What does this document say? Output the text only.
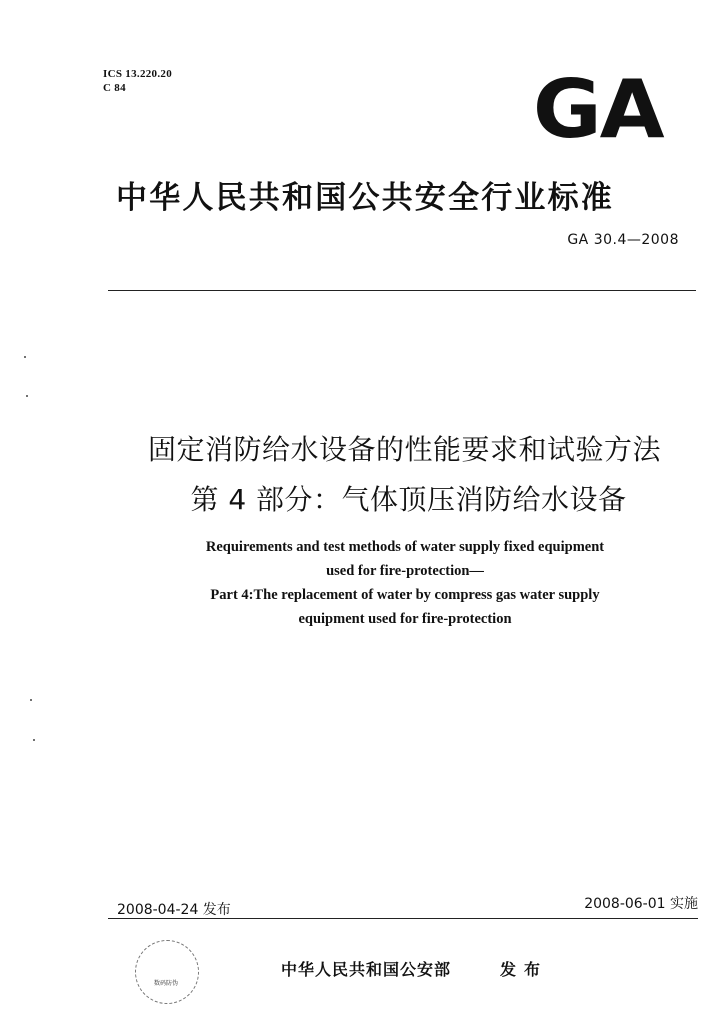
ICS 13.220.20
C 84	GA
中华人民共和国公共安全行业标准
GA 30.4—2008
固定消防给水设备的性能要求和试验方法
第 4 部分：气体顶压消防给水设备
Requirements and test methods of water supply fixed equipment
used for fire-protection—
Part 4:The replacement of water by compress gas water supply
equipment used for fire-protection
2008-04-24 发布	2008-06-01 实施
数码防伪
中华人民共和国公安部	发布
